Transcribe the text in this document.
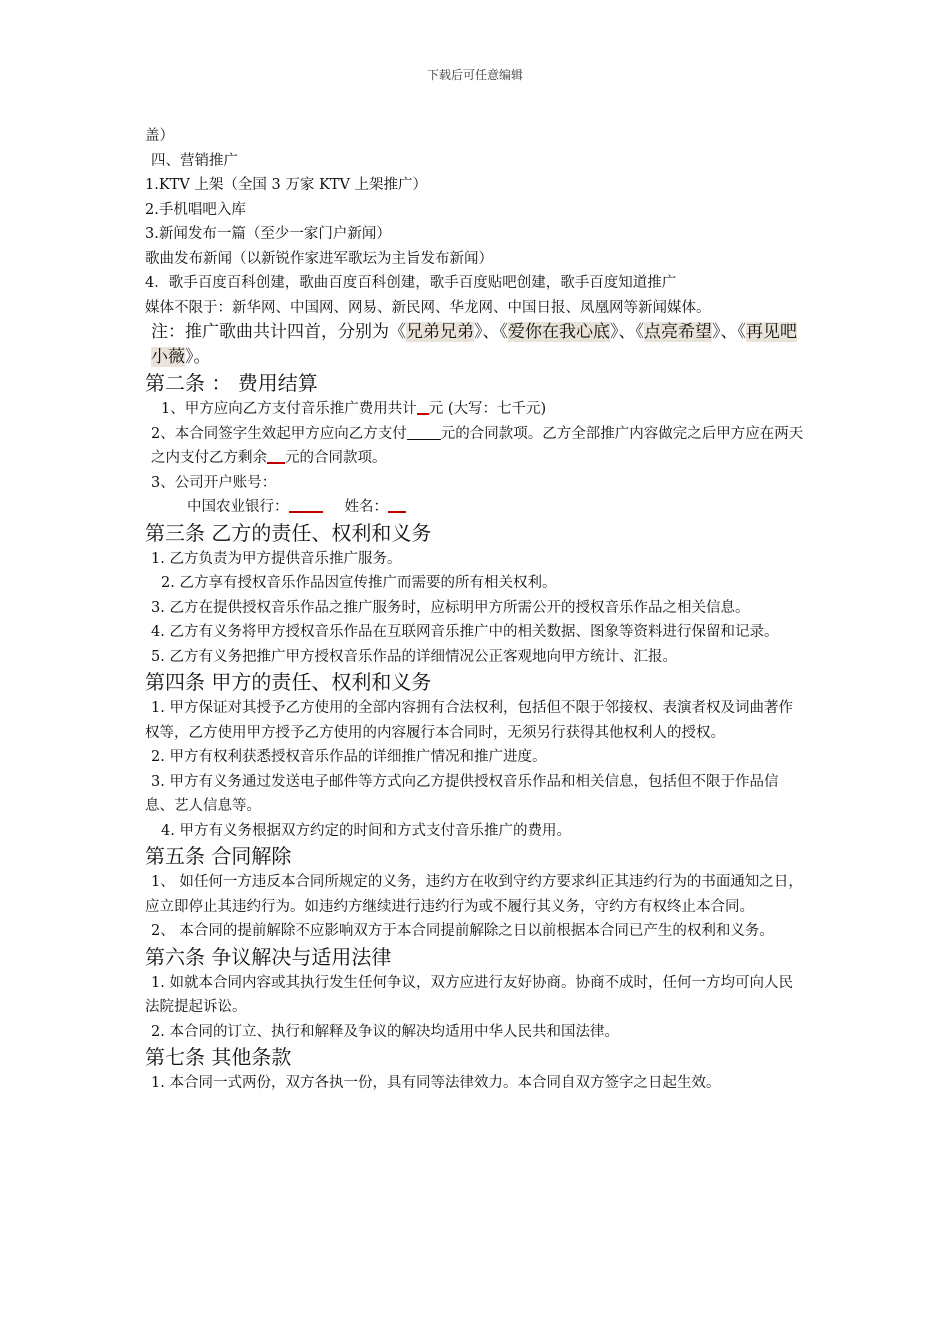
下载后可任意编辑

盖）

四、营销推广

1.KTV 上架（全国 3 万家 KTV 上架推广）

2.手机唱吧入库

3.新闻发布一篇（至少一家门户新闻）

歌曲发布新闻（以新锐作家进军歌坛为主旨发布新闻）

4．歌手百度百科创建，歌曲百度百科创建，歌手百度贴吧创建，歌手百度知道推广

媒体不限于：新华网、中国网、网易、新民网、华龙网、中国日报、凤凰网等新闻媒体。

注：推广歌曲共计四首，分别为《兄弟兄弟》、《爱你在我心底》、《点亮希望》、《再见吧小薇》。

第二条 ： 费用结算

1、甲方应向乙方支付音乐推广费用共计 元 (大写：七千元)

2、本合同签字生效起甲方应向乙方支付 元的合同款项。乙方全部推广内容做完之后甲方应在两天之内支付乙方剩余 元的合同款项。

3、公司开户账号：

中国农业银行：	姓名：

第三条 乙方的责任、权利和义务

1. 乙方负责为甲方提供音乐推广服务。

2. 乙方享有授权音乐作品因宣传推广而需要的所有相关权利。

3. 乙方在提供授权音乐作品之推广服务时，应标明甲方所需公开的授权音乐作品之相关信息。

4. 乙方有义务将甲方授权音乐作品在互联网音乐推广中的相关数据、图象等资料进行保留和记录。

5. 乙方有义务把推广甲方授权音乐作品的详细情况公正客观地向甲方统计、汇报。

第四条 甲方的责任、权利和义务

1. 甲方保证对其授予乙方使用的全部内容拥有合法权利，包括但不限于邻接权、表演者权及词曲著作权等，乙方使用甲方授予乙方使用的内容履行本合同时，无须另行获得其他权利人的授权。

2. 甲方有权利获悉授权音乐作品的详细推广情况和推广进度。

3. 甲方有义务通过发送电子邮件等方式向乙方提供授权音乐作品和相关信息，包括但不限于作品信息、艺人信息等。

4. 甲方有义务根据双方约定的时间和方式支付音乐推广的费用。

第五条 合同解除

1、 如任何一方违反本合同所规定的义务，违约方在收到守约方要求纠正其违约行为的书面通知之日，应立即停止其违约行为。如违约方继续进行违约行为或不履行其义务，守约方有权终止本合同。

2、 本合同的提前解除不应影响双方于本合同提前解除之日以前根据本合同已产生的权利和义务。

第六条 争议解决与适用法律

1. 如就本合同内容或其执行发生任何争议，双方应进行友好协商。协商不成时，任何一方均可向人民法院提起诉讼。

2. 本合同的订立、执行和解释及争议的解决均适用中华人民共和国法律。

第七条 其他条款

1. 本合同一式两份，双方各执一份，具有同等法律效力。本合同自双方签字之日起生效。
